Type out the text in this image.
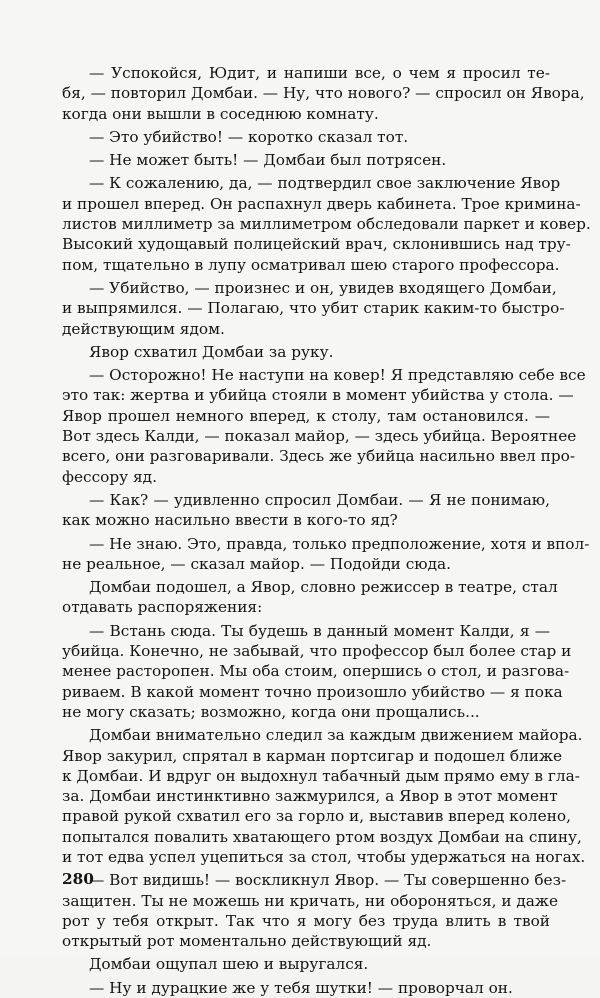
— Успокойся, Юдит, и напиши все, о чем я просил те-
бя, — повторил Домбаи. — Ну, что нового? — спросил он Явора,
когда они вышли в соседнюю комнату.
— Это убийство! — коротко сказал тот.
— Не может быть! — Домбаи был потрясен.
— К сожалению, да, — подтвердил свое заключение Явор
и прошел вперед. Он распахнул дверь кабинета. Трое кримина-
листов миллиметр за миллиметром обследовали паркет и ковер.
Высокий худощавый полицейский врач, склонившись над тру-
пом, тщательно в лупу осматривал шею старого профессора.
— Убийство, — произнес и он, увидев входящего Домбаи,
и выпрямился. — Полагаю, что убит старик каким-то быстро-
действующим ядом.
Явор схватил Домбаи за руку.
— Осторожно! Не наступи на ковер! Я представляю себе все
это так: жертва и убийца стояли в момент убийства у стола. —
Явор прошел немного вперед, к столу, там остановился. —
Вот здесь Калди, — показал майор, — здесь убийца. Вероятнее
всего, они разговаривали. Здесь же убийца насильно ввел про-
фессору яд.
— Как? — удивленно спросил Домбаи. — Я не понимаю,
как можно насильно ввести в кого-то яд?
— Не знаю. Это, правда, только предположение, хотя и впол-
не реальное, — сказал майор. — Подойди сюда.
Домбаи подошел, а Явор, словно режиссер в театре, стал
отдавать распоряжения:
— Встань сюда. Ты будешь в данный момент Калди, я —
убийца. Конечно, не забывай, что профессор был более стар и
менее расторопен. Мы оба стоим, опершись о стол, и разгова-
риваем. В какой момент точно произошло убийство — я пока
не могу сказать; возможно, когда они прощались...
Домбаи внимательно следил за каждым движением майора.
Явор закурил, спрятал в карман портсигар и подошел ближе
к Домбаи. И вдруг он выдохнул табачный дым прямо ему в гла-
за. Домбаи инстинктивно зажмурился, а Явор в этот момент
правой рукой схватил его за горло и, выставив вперед колено,
попытался повалить хватающего ртом воздух Домбаи на спину,
и тот едва успел уцепиться за стол, чтобы удержаться на ногах.
— Вот видишь! — воскликнул Явор. — Ты совершенно без-
защитен. Ты не можешь ни кричать, ни обороняться, и даже
рот у тебя открыт. Так что я могу без труда влить в твой
открытый рот моментально действующий яд.
Домбаи ощупал шею и выругался.
— Ну и дурацкие же у тебя шутки! — проворчал он.
280
